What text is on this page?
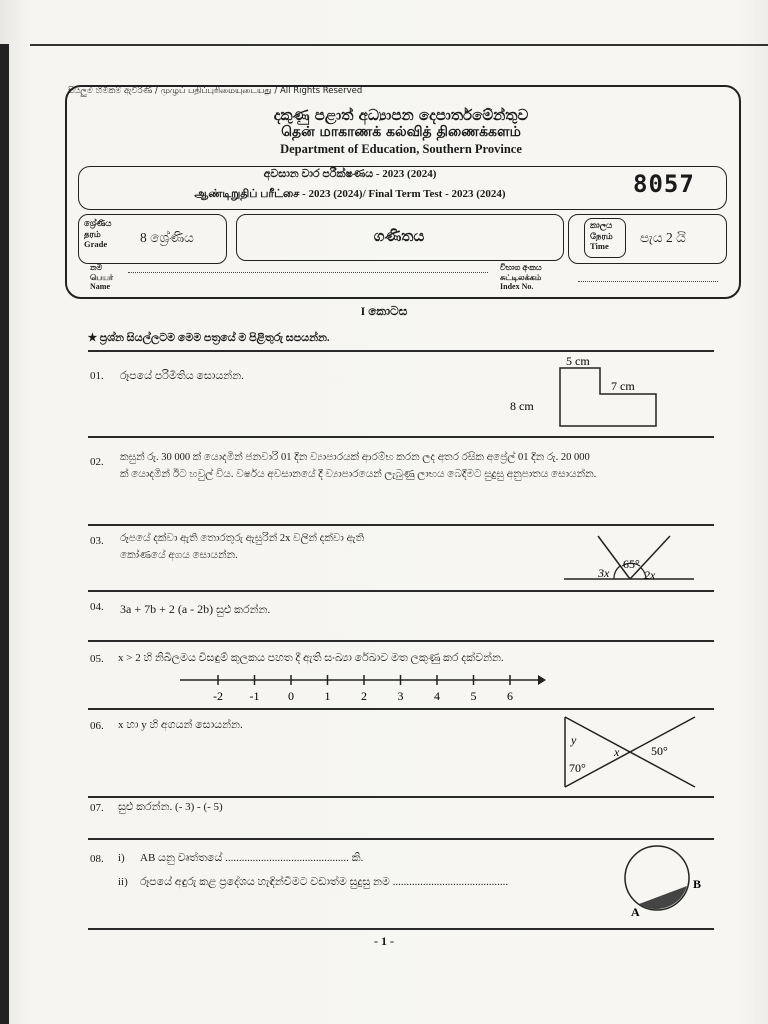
සියලුම හිමිකම් ඇවිරිණි / முழுப் பதிப்புரிமையுடையது / All Rights Reserved
දකුණු පළාත් අධ්‍යාපන දෙපාර්තමේන්තුව
தென் மாகாணக் கல்வித் திணைக்களம்
Department of Education, Southern Province
අවසාන වාර පරීක්ෂණය - 2023 (2024)
ஆண்டிறுதிப் பரீட்சை - 2023 (2024)/ Final Term Test - 2023 (2024)	8057
ශ්‍රේණිය
தரம்
Grade	8 ශ්‍රේණිය	ගණිතය
කාලය
நேரம்
Time
පැය 2 යි
නම
பெயர்
Name
විභාග අංකය
சுட்டிலக்கம்
Index No.
I කොටස
★ ප්‍රශ්න සියල්ලටම මෙම පත්‍රයේ ම පිළිතුරු සපයන්න.
01. රූපයේ පරිමිතිය සොයන්න.
5 cm
7 cm
8 cm
02. කසුන් රු. 30 000 ක් යොදමින් ජනවාරි 01 දින ව්‍යාපාරයක් ආරම්භ කරන ලද අතර රසික අප්‍රේල් 01 දින රු. 20 000
ක් යොදමින් ඊට හවුල් විය. වර්ෂය අවසානයේ දී ව්‍යාපාරයෙන් ලැබුණු ලාභය බෙදීමට සුදුසු අනුපාතය සොයන්න.
03. රූපයේ දක්වා ඇති තොරතුරු ඇසුරින් 2x වලින් දක්වා ඇති
කෝණයේ අගය සොයන්න.
3x
65°
2x
04. 3a + 7b + 2 (a - 2b) සුළු කරන්න.
05. x > 2 හි නිඛිලමය විසඳුම් කුලකය පහත දී ඇති සංඛ්‍යා රේඛාව මත ලකුණු කර දක්වන්න.
-2 -1 0	1	2	3	4	5	6
06. x හා y හි අගයන් සොයන්න.
y
x
70°
50°
07. සුළු කරන්න. (- 3) - (- 5)
08. i) AB යනු වෘත්තයේ ............................................. කි.
ii) රූපයේ අඳුරු කළ ප්‍රදේශය හැඳින්වීමට වඩාත්ම සුදුසු නම ..........................................
A
B
- 1 -
